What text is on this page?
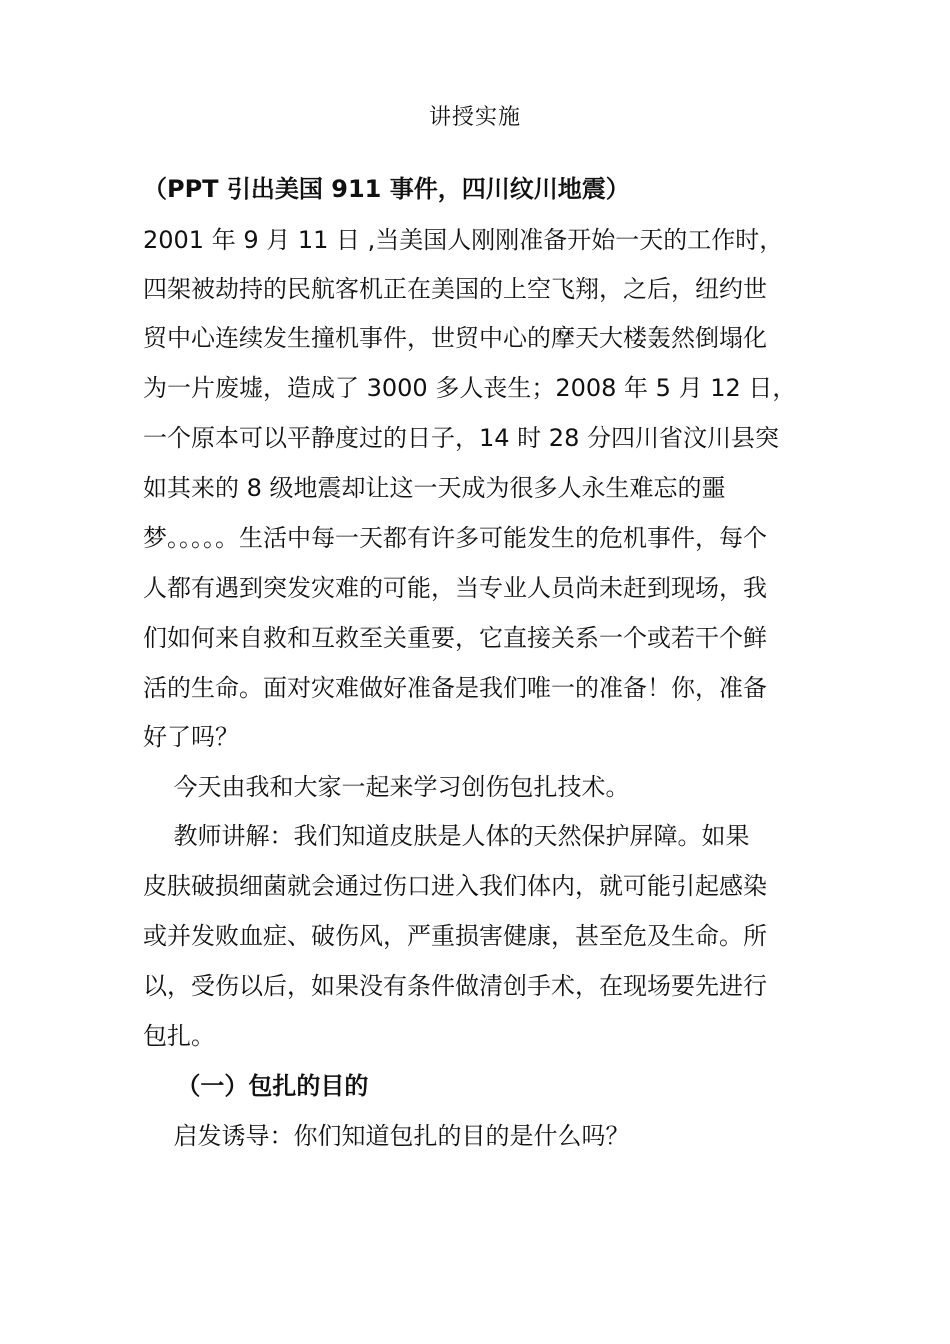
讲授实施
（PPT 引出美国 911 事件，四川纹川地震）
2001 年 9 月 11 日 ,当美国人刚刚准备开始一天的工作时，
四架被劫持的民航客机正在美国的上空飞翔，之后，纽约世
贸中心连续发生撞机事件，世贸中心的摩天大楼轰然倒塌化
为一片废墟，造成了 3000 多人丧生；2008 年 5 月 12 日，
一个原本可以平静度过的日子，14 时 28 分四川省汶川县突
如其来的 8 级地震却让这一天成为很多人永生难忘的噩
梦。。。。。生活中每一天都有许多可能发生的危机事件，每个
人都有遇到突发灾难的可能，当专业人员尚未赶到现场，我
们如何来自救和互救至关重要，它直接关系一个或若干个鲜
活的生命。面对灾难做好准备是我们唯一的准备！你，准备
好了吗？
今天由我和大家一起来学习创伤包扎技术。
教师讲解：我们知道皮肤是人体的天然保护屏障。如果
皮肤破损细菌就会通过伤口进入我们体内，就可能引起感染
或并发败血症、破伤风，严重损害健康，甚至危及生命。所
以，受伤以后，如果没有条件做清创手术，在现场要先进行
包扎。
（一）包扎的目的
启发诱导：你们知道包扎的目的是什么吗？
